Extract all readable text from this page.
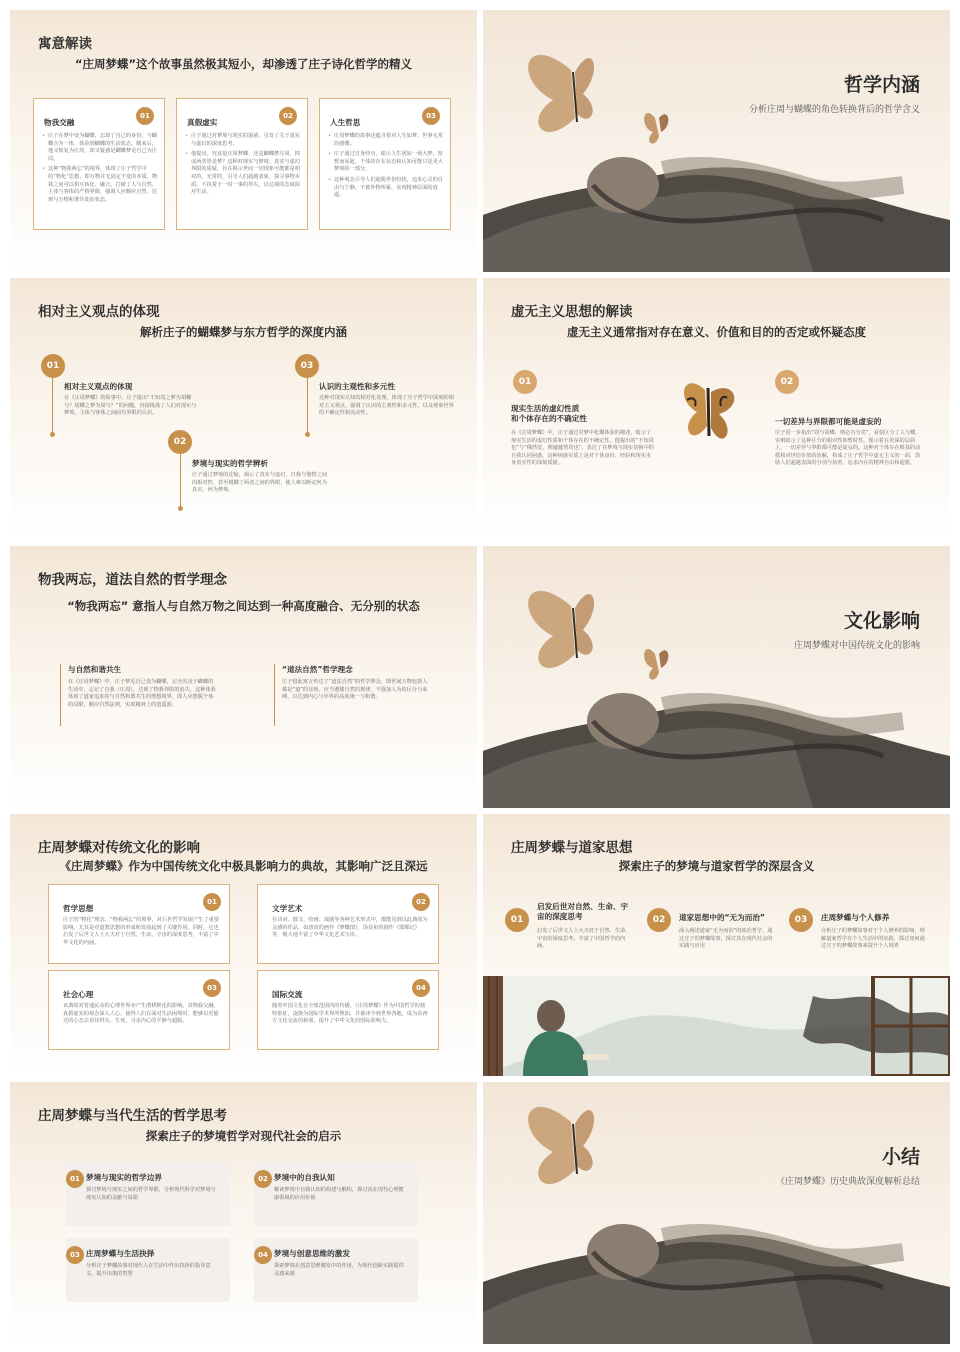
寓意解读
“庄周梦蝶”这个故事虽然极其短小，却渗透了庄子诗化哲学的精义
01
物我交融
• 庄子在梦中变为蝴蝶，忘却了自己的身份，与蝴蝶合为一体，体验到蝴蝶的生活状态。醒来后，他又恢复为庄周，却又疑惑是蝴蝶梦见自己为庄周。
• 这种“物我两忘”的境界，体现了庄子哲学中的“物化”思想，即万物并无固定不变的本质，物我之间可以相互转化、融合，打破了人与自然、主体与客体的严格界限，强调人应顺应自然，达到与万物和谐共处的状态。
02
真假虚实
• 庄子通过对梦境与现实的混淆，引发了关于真实与虚幻的深度思考。
• 他提出，究竟是庄周梦蝶，还是蝴蝶梦庄周，抑或两者皆是梦？这种对现实与梦境、真实与虚幻界限的质疑，旨在揭示世间一切现象可能都是相对的、无常的，引导人们超越表象，探寻事物本质，不执着于一时一事的得失，以达观的态度面对生活。
03
人生哲思
• 庄周梦蝶的故事还蕴含着对人生如梦、世事无常的感慨。
• 庄子通过自身经历，暗示人生犹如一场大梦，短暂而易逝，个体的存在状态和认知可能只是更大梦境的一部分。
• 这种观念引导人们超脱世俗纷扰，追求心灵的自由与宁静，不被外物所累，实现精神层面的逍遥。
哲学内涵
分析庄周与蝴蝶的角色转换背后的哲学含义
相对主义观点的体现
解析庄子的蝴蝶梦与东方哲学的深度内涵
01
相对主义观点的体现
在《庄周梦蝶》的故事中，庄子提出“不知周之梦为胡蝶与？胡蝶之梦为周与？”的问题，直接挑战了人们对现实与梦境、主体与客体之间固有界限的认识。
02
梦境与现实的哲学辨析
庄子通过梦境的比喻，揭示了真实与虚幻、自我与他物之间的相对性，甚至模糊了两者之间的界限，使人难以断定何为真实，何为梦境。
03
认识的主观性和多元性
这种对现实认知的相对化处理，体现了庄子哲学中深刻的相对主义观点，强调了认识的主观性和多元性，以及现象世界的不确定性和流动性。
虚无主义思想的解读
虚无主义通常指对存在意义、价值和目的的否定或怀疑态度
01
现实生活的虚幻性质
和个体存在的不确定性
在《庄周梦蝶》中，庄子通过对梦中化蝶体验的描述，暗示了现实生活的虚幻性质和个体存在的不确定性。他提出的“不知周也”与“俄然觉，则蘧蘧然周也”，表达了在梦境与现实切换中的自我认同困惑，这种困惑实质上是对个体身份、经验和现实本身真实性的深刻质疑。
02
一切差异与界限都可能是虚妄的
庄子进一步指出“周与胡蝶，则必有分矣”，看似区分了人与蝶，实则暗示了这种区分的相对性和暂时性。预示着在更深的层面上，一切差异与界限都可能是虚妄的。这种对个体存在根基的动摇和对世俗价值的消解，构成了庄子哲学中虚无主义的一面，鼓励人们超越表面的分别与执着，追求内在的精神自由和超脱。
物我两忘，道法自然的哲学理念
“物我两忘” 意指人与自然万物之间达到一种高度融合、无分别的状态
与自然和谐共生
在《庄周梦蝶》中，庄子梦见自己变为蝴蝶，完全沉浸于蝴蝶的生活中，忘记了自我（庄周），达到了物我界限的消失。这种体验体现了道家追求的与自然和谐共生的理想境界，即人应摆脱个体的局限，顺应自然法则，实现精神上的逍遥游。
“道法自然”哲学理念
庄子借此寓言传达了“道法自然”的哲学理念，即世间万物包括人都是“道”的显现，应当遵循自然的规律，不强加人为的区分与束缚，以达到内心与外界的高度统一与和谐。
文化影响
庄周梦蝶对中国传统文化的影响
庄周梦蝶对传统文化的影响
《庄周梦蝶》作为中国传统文化中极具影响力的典故，其影响广泛且深远
01
哲学思想
庄子的“物化”理念、“物我两忘”的境界，对后世哲学发展产生了重要影响，尤其是对道教思想的形成和发展起到了关键作用。同时，它也启发了后世文人士大夫对于自然、生命、宇宙的深度思考，丰富了中华文化的内涵。
02
文学艺术
在诗词、散文、绘画、戏剧等各种艺术形式中，都能见到以此典故为灵感的作品，如唐寅的画作《梦蝶图》，汤显祖的剧作《邯郸记》等，极大地丰富了中华文化艺术宝库。
03
社会心理
该典故对普通民众的心理世界亦产生潜移默化的影响，其物我交融、真假虚实的观念深入人心，使得人们在面对生活困境时，能够以更豁达的心态去看待得失、生死，寻求内心的平静与超脱。
04
国际交流
随着中国文化在全球范围内的传播，《庄周梦蝶》作为中国哲学的独特象征，逐渐为国际学术界所熟知，并被译介到世界各地，成为东西方文化交流的桥梁，提升了中华文化的国际影响力。
庄周梦蝶与道家思想
探索庄子的梦境与道家哲学的深层含义
01
启发后世对自然、生命、宇宙的深度思考
启发了后世文人士大夫对于自然、生命、宇宙的深度思考，丰富了中国哲学的内涵。
02	道家思想中的“无为而治”
深入阐述道家“无为而治”的政治哲学，通过庄子的梦蝶故事，探讨其在现代社会的实践与应用
03	庄周梦蝶与个人修养
分析庄子的梦蝶故事对于个人修养的影响，理解道家哲学在个人生活中的实践，探讨如何通过庄子的梦蝶故事来提升个人境界
庄周梦蝶与当代生活的哲学思考
探索庄子的梦境哲学对现代社会的启示
01 梦境与现实的哲学边界
探讨梦境与现实之间的哲学界限，分析现代科学对梦境与现实认知的贡献与局限
02 梦境中的自我认知
解读梦境中自我认知的构建与解构，探讨其在现代心理健康领域的应用价值
03 庄周梦蝶与生活抉择
分析庄子梦蝶故事对现代人在生活中作出抉择的指导意义，提升决策的智慧
04 梦境与创意思维的激发
探索梦境在创意思维激发中的作用，为现代创新实践提供灵感来源
小结
《庄周梦蝶》历史典故深度解析总结
